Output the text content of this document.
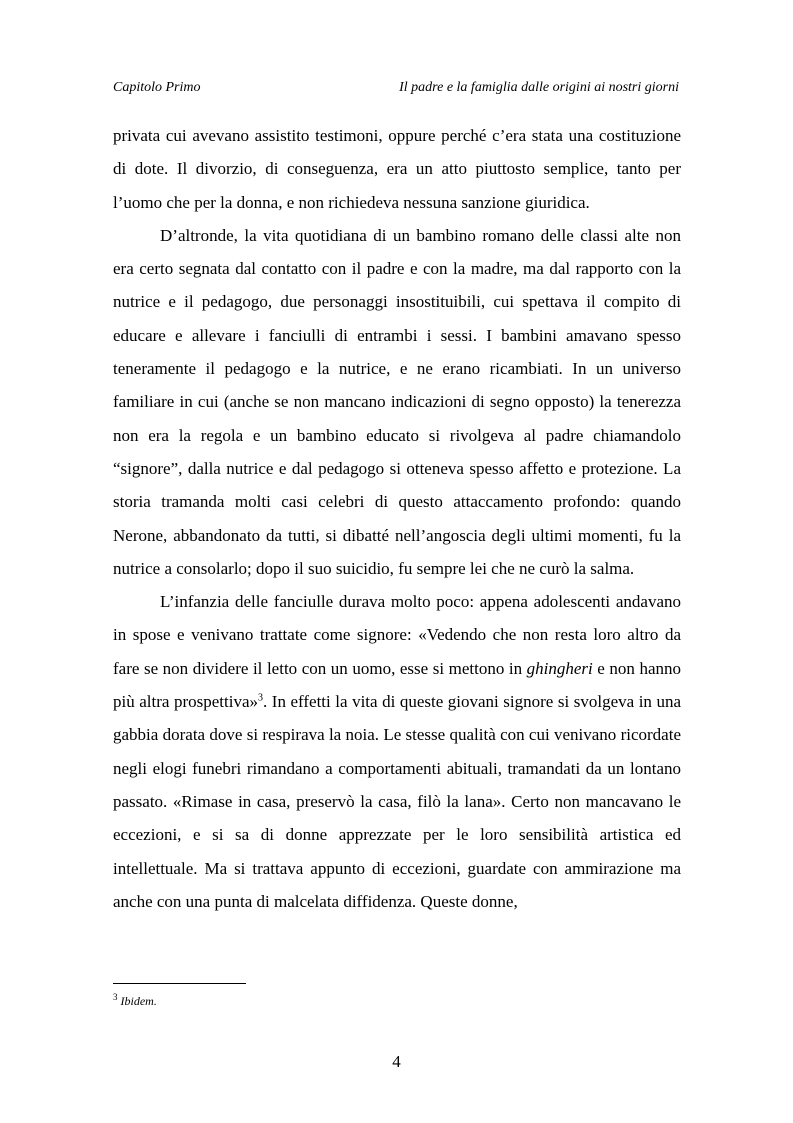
Capitolo Primo	Il padre e la famiglia dalle origini ai nostri giorni

privata cui avevano assistito testimoni, oppure perché c’era stata una costituzione di dote. Il divorzio, di conseguenza, era un atto piuttosto semplice, tanto per l’uomo che per la donna, e non richiedeva nessuna sanzione giuridica.

D’altronde, la vita quotidiana di un bambino romano delle classi alte non era certo segnata dal contatto con il padre e con la madre, ma dal rapporto con la nutrice e il pedagogo, due personaggi insostituibili, cui spettava il compito di educare e allevare i fanciulli di entrambi i sessi. I bambini amavano spesso teneramente il pedagogo e la nutrice, e ne erano ricambiati. In un universo familiare in cui (anche se non mancano indicazioni di segno opposto) la tenerezza non era la regola e un bambino educato si rivolgeva al padre chiamandolo “signore”, dalla nutrice e dal pedagogo si otteneva spesso affetto e protezione. La storia tramanda molti casi celebri di questo attaccamento profondo: quando Nerone, abbandonato da tutti, si dibatté nell’angoscia degli ultimi momenti, fu la nutrice a consolarlo; dopo il suo suicidio, fu sempre lei che ne curò la salma.

L’infanzia delle fanciulle durava molto poco: appena adolescenti andavano in spose e venivano trattate come signore: «Vedendo che non resta loro altro da fare se non dividere il letto con un uomo, esse si mettono in ghingheri e non hanno più altra prospettiva»$^3$. In effetti la vita di queste giovani signore si svolgeva in una gabbia dorata dove si respirava la noia. Le stesse qualità con cui venivano ricordate negli elogi funebri rimandano a comportamenti abituali, tramandati da un lontano passato. «Rimase in casa, preservò la casa, filò la lana». Certo non mancavano le eccezioni, e si sa di donne apprezzate per le loro sensibilità artistica ed intellettuale. Ma si trattava appunto di eccezioni, guardate con ammirazione ma anche con una punta di malcelata diffidenza. Queste donne,

$^3$ Ibidem.
4
